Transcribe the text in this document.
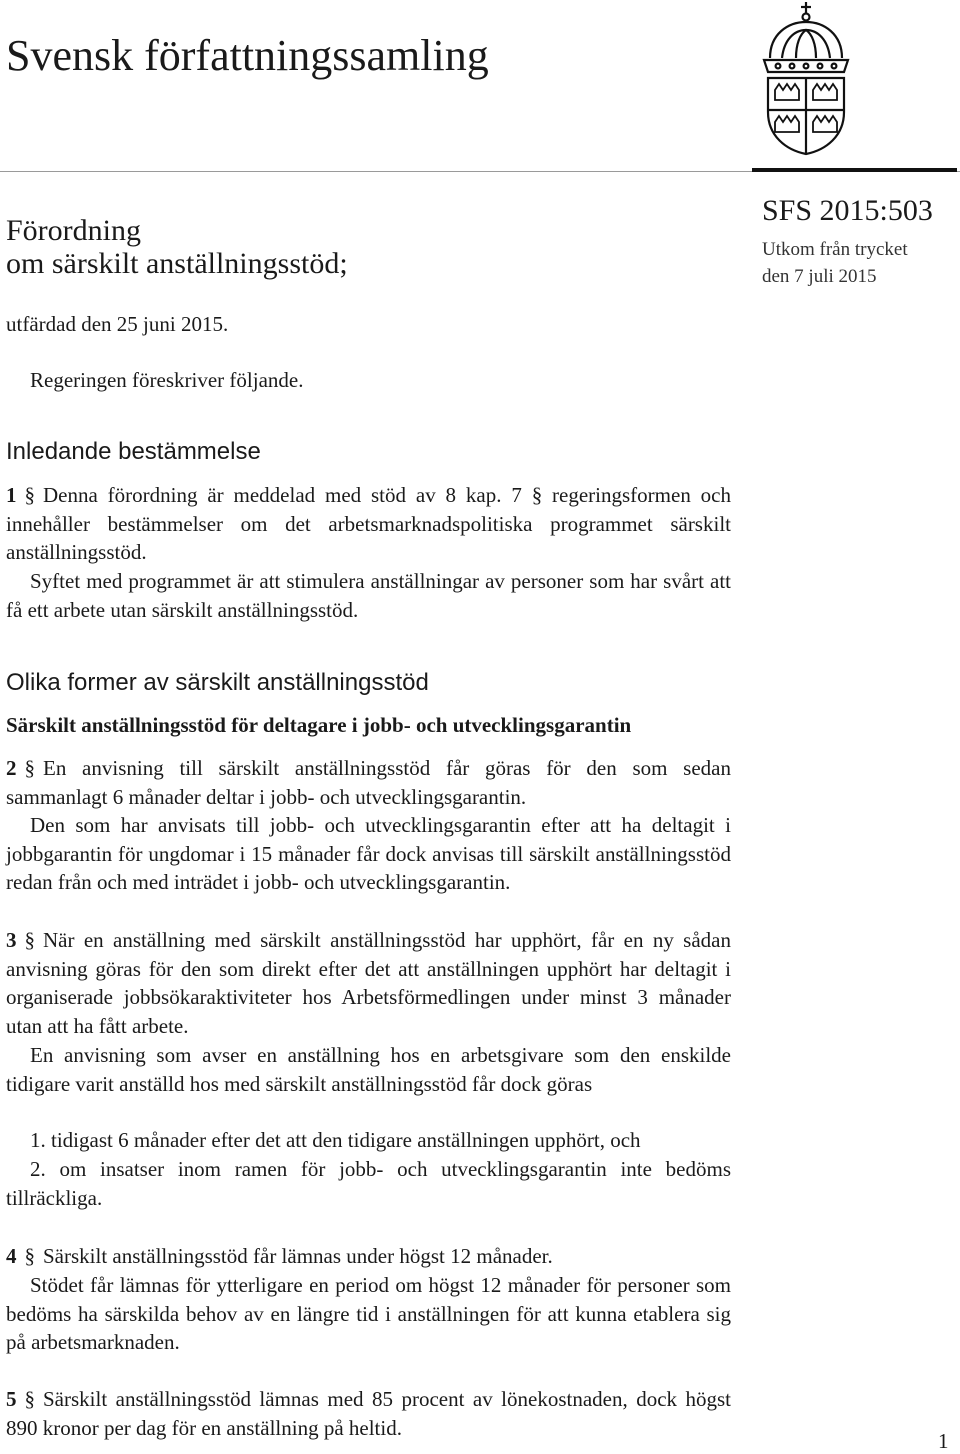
Svensk författningssamling
Förordning
om särskilt anställningsstöd;
SFS 2015:503
Utkom från trycket
den 7 juli 2015
utfärdad den 25 juni 2015.
Regeringen föreskriver följande.
Inledande bestämmelse
1 § Denna förordning är meddelad med stöd av 8 kap. 7 § regeringsformen och innehåller bestämmelser om det arbetsmarknadspolitiska programmet särskilt anställningsstöd.
Syftet med programmet är att stimulera anställningar av personer som har svårt att få ett arbete utan särskilt anställningsstöd.
Olika former av särskilt anställningsstöd
Särskilt anställningsstöd för deltagare i jobb- och utvecklingsgarantin
2 § En anvisning till särskilt anställningsstöd får göras för den som sedan sammanlagt 6 månader deltar i jobb- och utvecklingsgarantin.
Den som har anvisats till jobb- och utvecklingsgarantin efter att ha deltagit i jobbgarantin för ungdomar i 15 månader får dock anvisas till särskilt anställningsstöd redan från och med inträdet i jobb- och utvecklingsgarantin.
3 § När en anställning med särskilt anställningsstöd har upphört, får en ny sådan anvisning göras för den som direkt efter det att anställningen upphört har deltagit i organiserade jobbsökaraktiviteter hos Arbetsförmedlingen under minst 3 månader utan att ha fått arbete.
En anvisning som avser en anställning hos en arbetsgivare som den enskilde tidigare varit anställd hos med särskilt anställningsstöd får dock göras
1. tidigast 6 månader efter det att den tidigare anställningen upphört, och
2. om insatser inom ramen för jobb- och utvecklingsgarantin inte bedöms tillräckliga.
4 § Särskilt anställningsstöd får lämnas under högst 12 månader.
Stödet får lämnas för ytterligare en period om högst 12 månader för personer som bedöms ha särskilda behov av en längre tid i anställningen för att kunna etablera sig på arbetsmarknaden.
5 § Särskilt anställningsstöd lämnas med 85 procent av lönekostnaden, dock högst 890 kronor per dag för en anställning på heltid.
1
